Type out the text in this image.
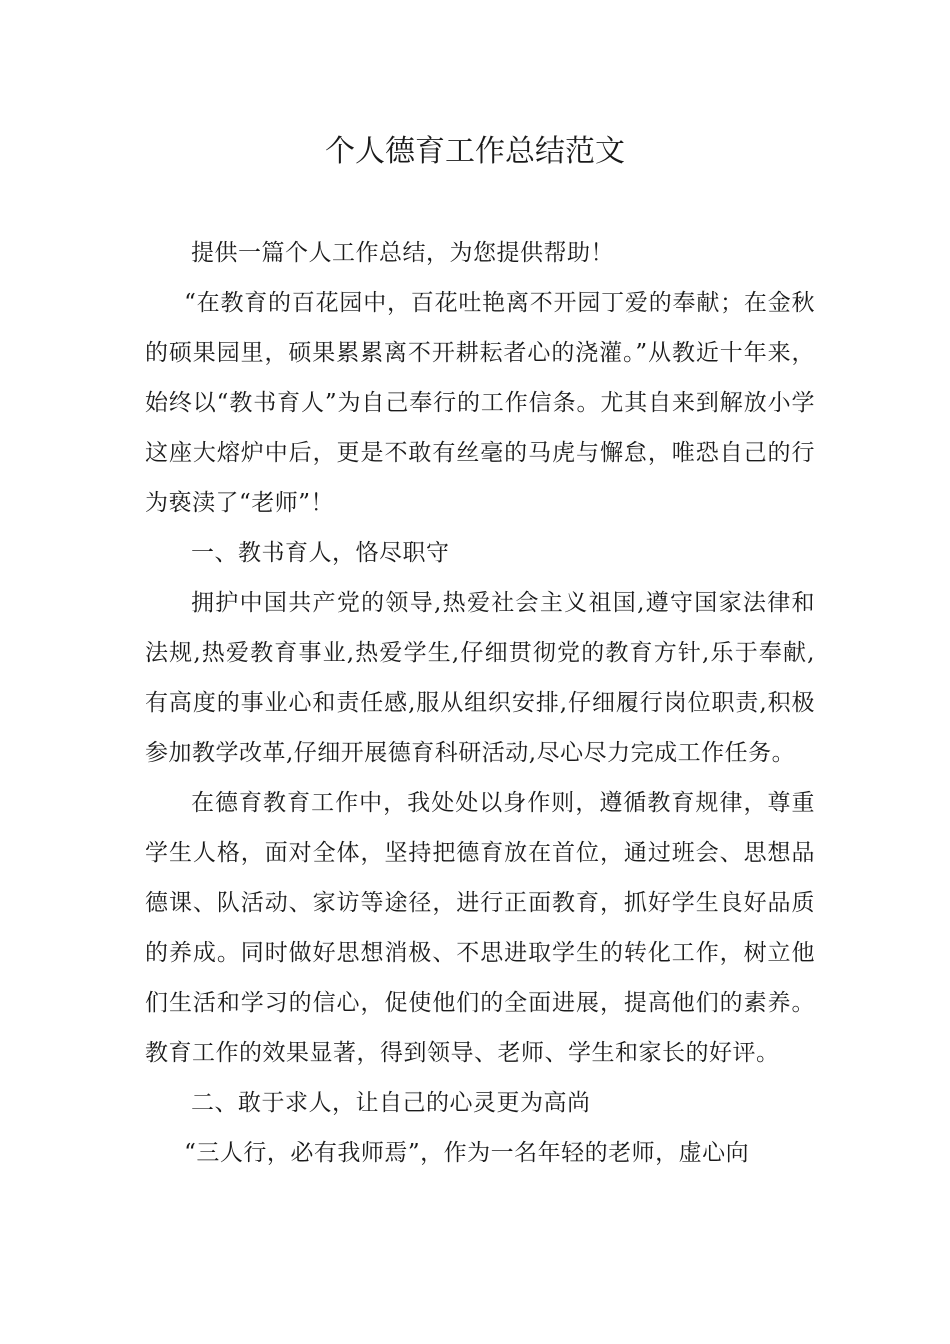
个人德育工作总结范文

提供一篇个人工作总结，为您提供帮助！

“在教育的百花园中，百花吐艳离不开园丁爱的奉献；在金秋的硕果园里，硕果累累离不开耕耘者心的浇灌。”从教近十年来，始终以“教书育人”为自己奉行的工作信条。尤其自来到解放小学这座大熔炉中后，更是不敢有丝毫的马虎与懈怠，唯恐自己的行为亵渎了“老师”！

一、教书育人，恪尽职守

拥护中国共产党的领导,热爱社会主义祖国,遵守国家法律和法规,热爱教育事业,热爱学生,仔细贯彻党的教育方针,乐于奉献,有高度的事业心和责任感,服从组织安排,仔细履行岗位职责,积极参加教学改革,仔细开展德育科研活动,尽心尽力完成工作任务。

在德育教育工作中，我处处以身作则，遵循教育规律，尊重学生人格，面对全体，坚持把德育放在首位，通过班会、思想品德课、队活动、家访等途径，进行正面教育，抓好学生良好品质的养成。同时做好思想消极、不思进取学生的转化工作，树立他们生活和学习的信心，促使他们的全面进展，提高他们的素养。教育工作的效果显著，得到领导、老师、学生和家长的好评。

二、敢于求人，让自己的心灵更为高尚

“三人行，必有我师焉”，作为一名年轻的老师，虚心向
